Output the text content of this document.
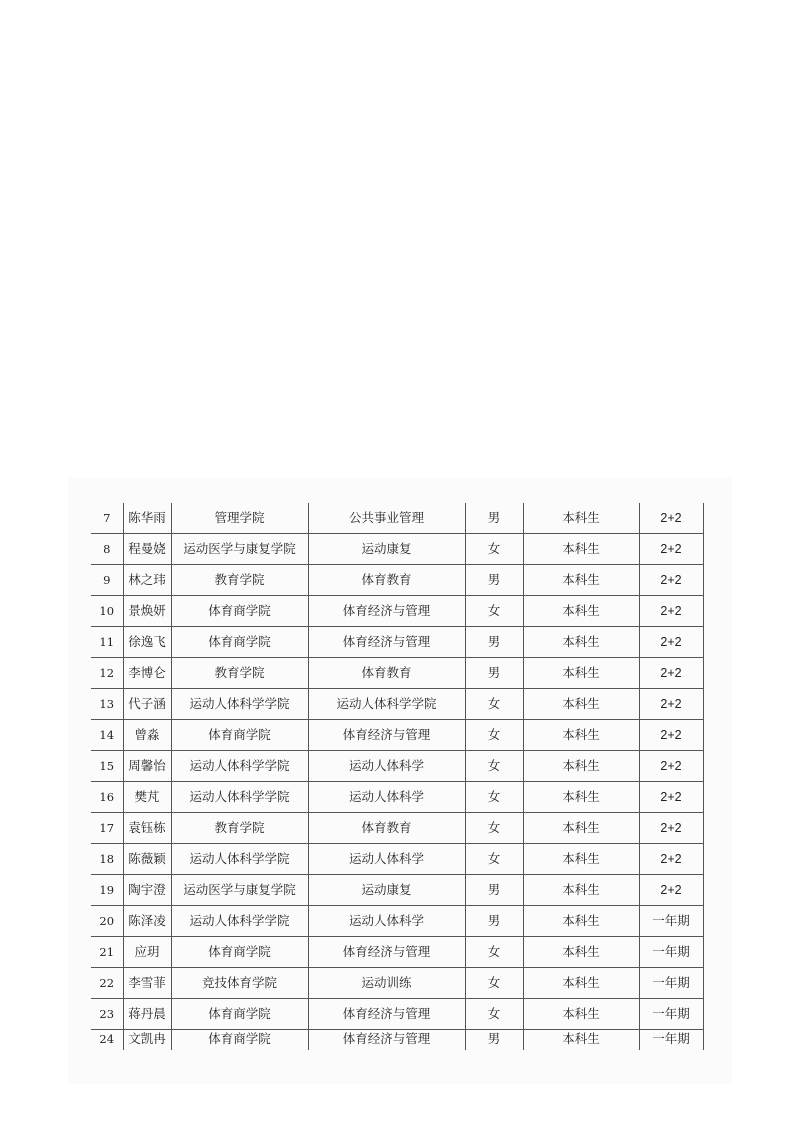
7	陈华雨	管理学院	公共事业管理	男	本科生	2+2
8	程曼娆	运动医学与康复学院	运动康复	女	本科生	2+2
9	林之玮	教育学院	体育教育	男	本科生	2+2
10	景焕妍	体育商学院	体育经济与管理	女	本科生	2+2
11	徐逸飞	体育商学院	体育经济与管理	男	本科生	2+2
12	李博仑	教育学院	体育教育	男	本科生	2+2
13	代子涵	运动人体科学学院	运动人体科学学院	女	本科生	2+2
14	曾淼	体育商学院	体育经济与管理	女	本科生	2+2
15	周馨怡	运动人体科学学院	运动人体科学	女	本科生	2+2
16	樊芃	运动人体科学学院	运动人体科学	女	本科生	2+2
17	袁钰栋	教育学院	体育教育	女	本科生	2+2
18	陈薇颖	运动人体科学学院	运动人体科学	女	本科生	2+2
19	陶宇澄	运动医学与康复学院	运动康复	男	本科生	2+2
20	陈泽凌	运动人体科学学院	运动人体科学	男	本科生	一年期
21	应玥	体育商学院	体育经济与管理	女	本科生	一年期
22	李雪菲	竞技体育学院	运动训练	女	本科生	一年期
23	蒋丹晨	体育商学院	体育经济与管理	女	本科生	一年期
24	文凯冉	体育商学院	体育经济与管理	男	本科生	一年期
